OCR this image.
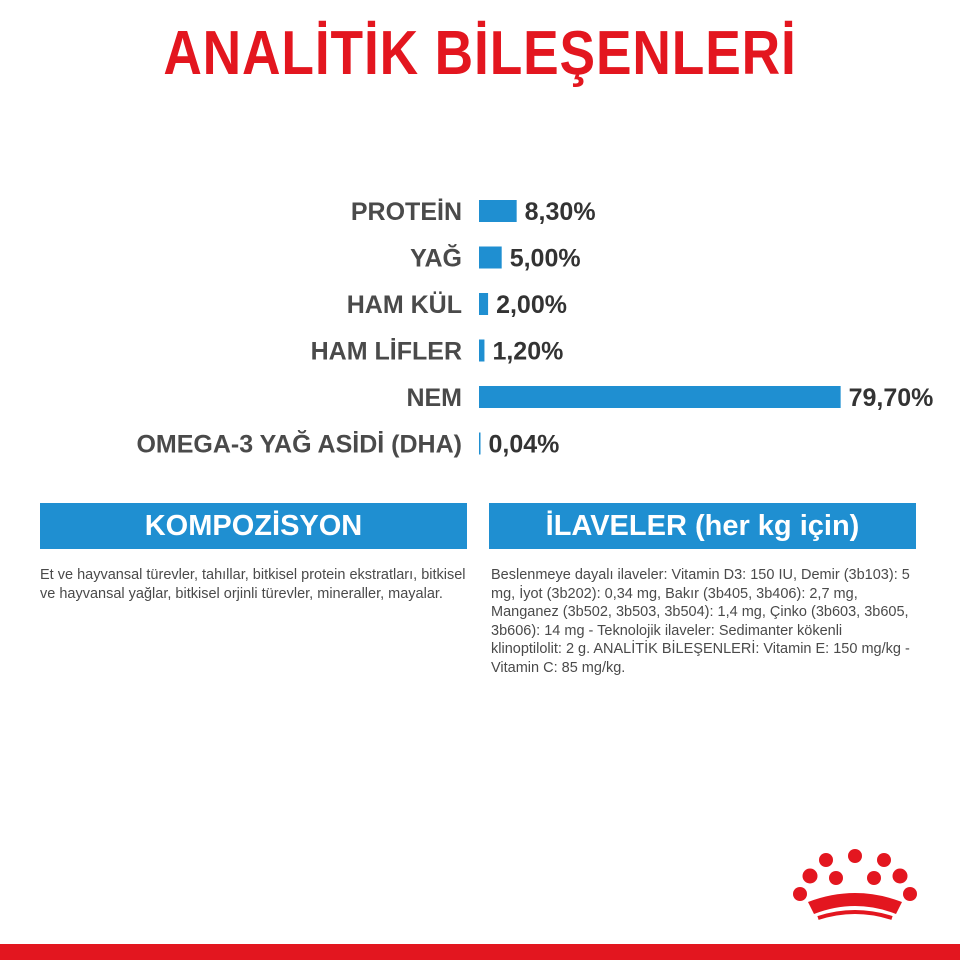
ANALİTİK BİLEŞENLERİ
PROTEİN	8,30%
YAĞ 5,00%
HAM KÜL 2,00%
HAM LİFLER 1,20%
NEM	79,70%
OMEGA-3 YAĞ ASİDİ (DHA) 0,04%
KOMPOZİSYON	İLAVELER (her kg için)
Et ve hayvansal türevler, tahıllar, bitkisel protein ekstratları, bitkisel ve hayvansal yağlar, bitkisel orjinli türevler, mineraller, mayalar.
Beslenmeye dayalı ilaveler: Vitamin D3: 150 IU, Demir (3b103): 5 mg, İyot (3b202): 0,34 mg, Bakır (3b405, 3b406): 2,7 mg, Manganez (3b502, 3b503, 3b504): 1,4 mg, Çinko (3b603, 3b605, 3b606): 14 mg - Teknolojik ilaveler: Sedimanter kökenli klinoptilolit: 2 g. ANALİTİK BİLEŞENLERİ: Vitamin E: 150 mg/kg - Vitamin C: 85 mg/kg.
